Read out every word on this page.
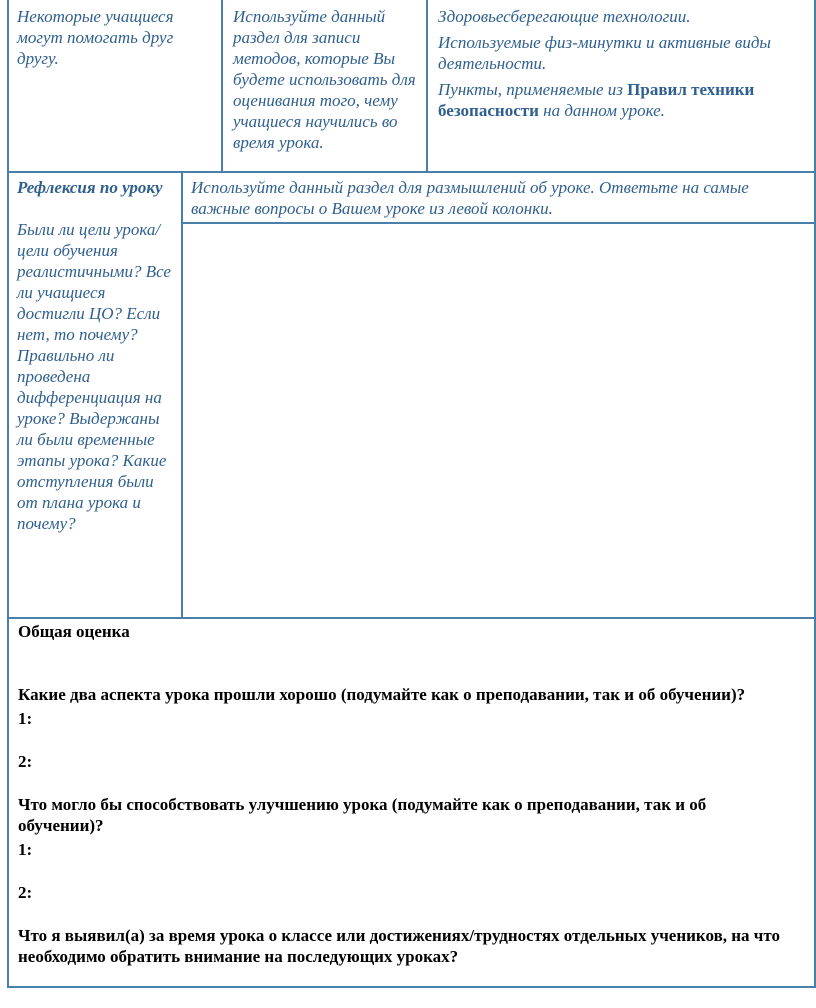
Некоторые учащиеся могут помогать друг другу.

Используйте данный раздел для записи методов, которые Вы будете использовать для оценивания того, чему учащиеся научились во время урока.

Здоровьесберегающие технологии.

Используемые физ-минутки и активные виды деятельности.

Пункты, применяемые из Правил техники безопасности на данном уроке.

Рефлексия по уроку

Были ли цели урока/цели обучения реалистичными? Все ли учащиеся достигли ЦО? Если нет, то почему? Правильно ли проведена дифференциация на уроке? Выдержаны ли были временные этапы урока? Какие отступления были от плана урока и почему?

Используйте данный раздел для размышлений об уроке. Ответьте на самые важные вопросы о Вашем уроке из левой колонки.

Общая оценка

Какие два аспекта урока прошли хорошо (подумайте как о преподавании, так и об обучении)?

1:

2:

Что могло бы способствовать улучшению урока (подумайте как о преподавании, так и об обучении)?

1:

2:

Что я выявил(а) за время урока о классе или достижениях/трудностях отдельных учеников, на что необходимо обратить внимание на последующих уроках?
